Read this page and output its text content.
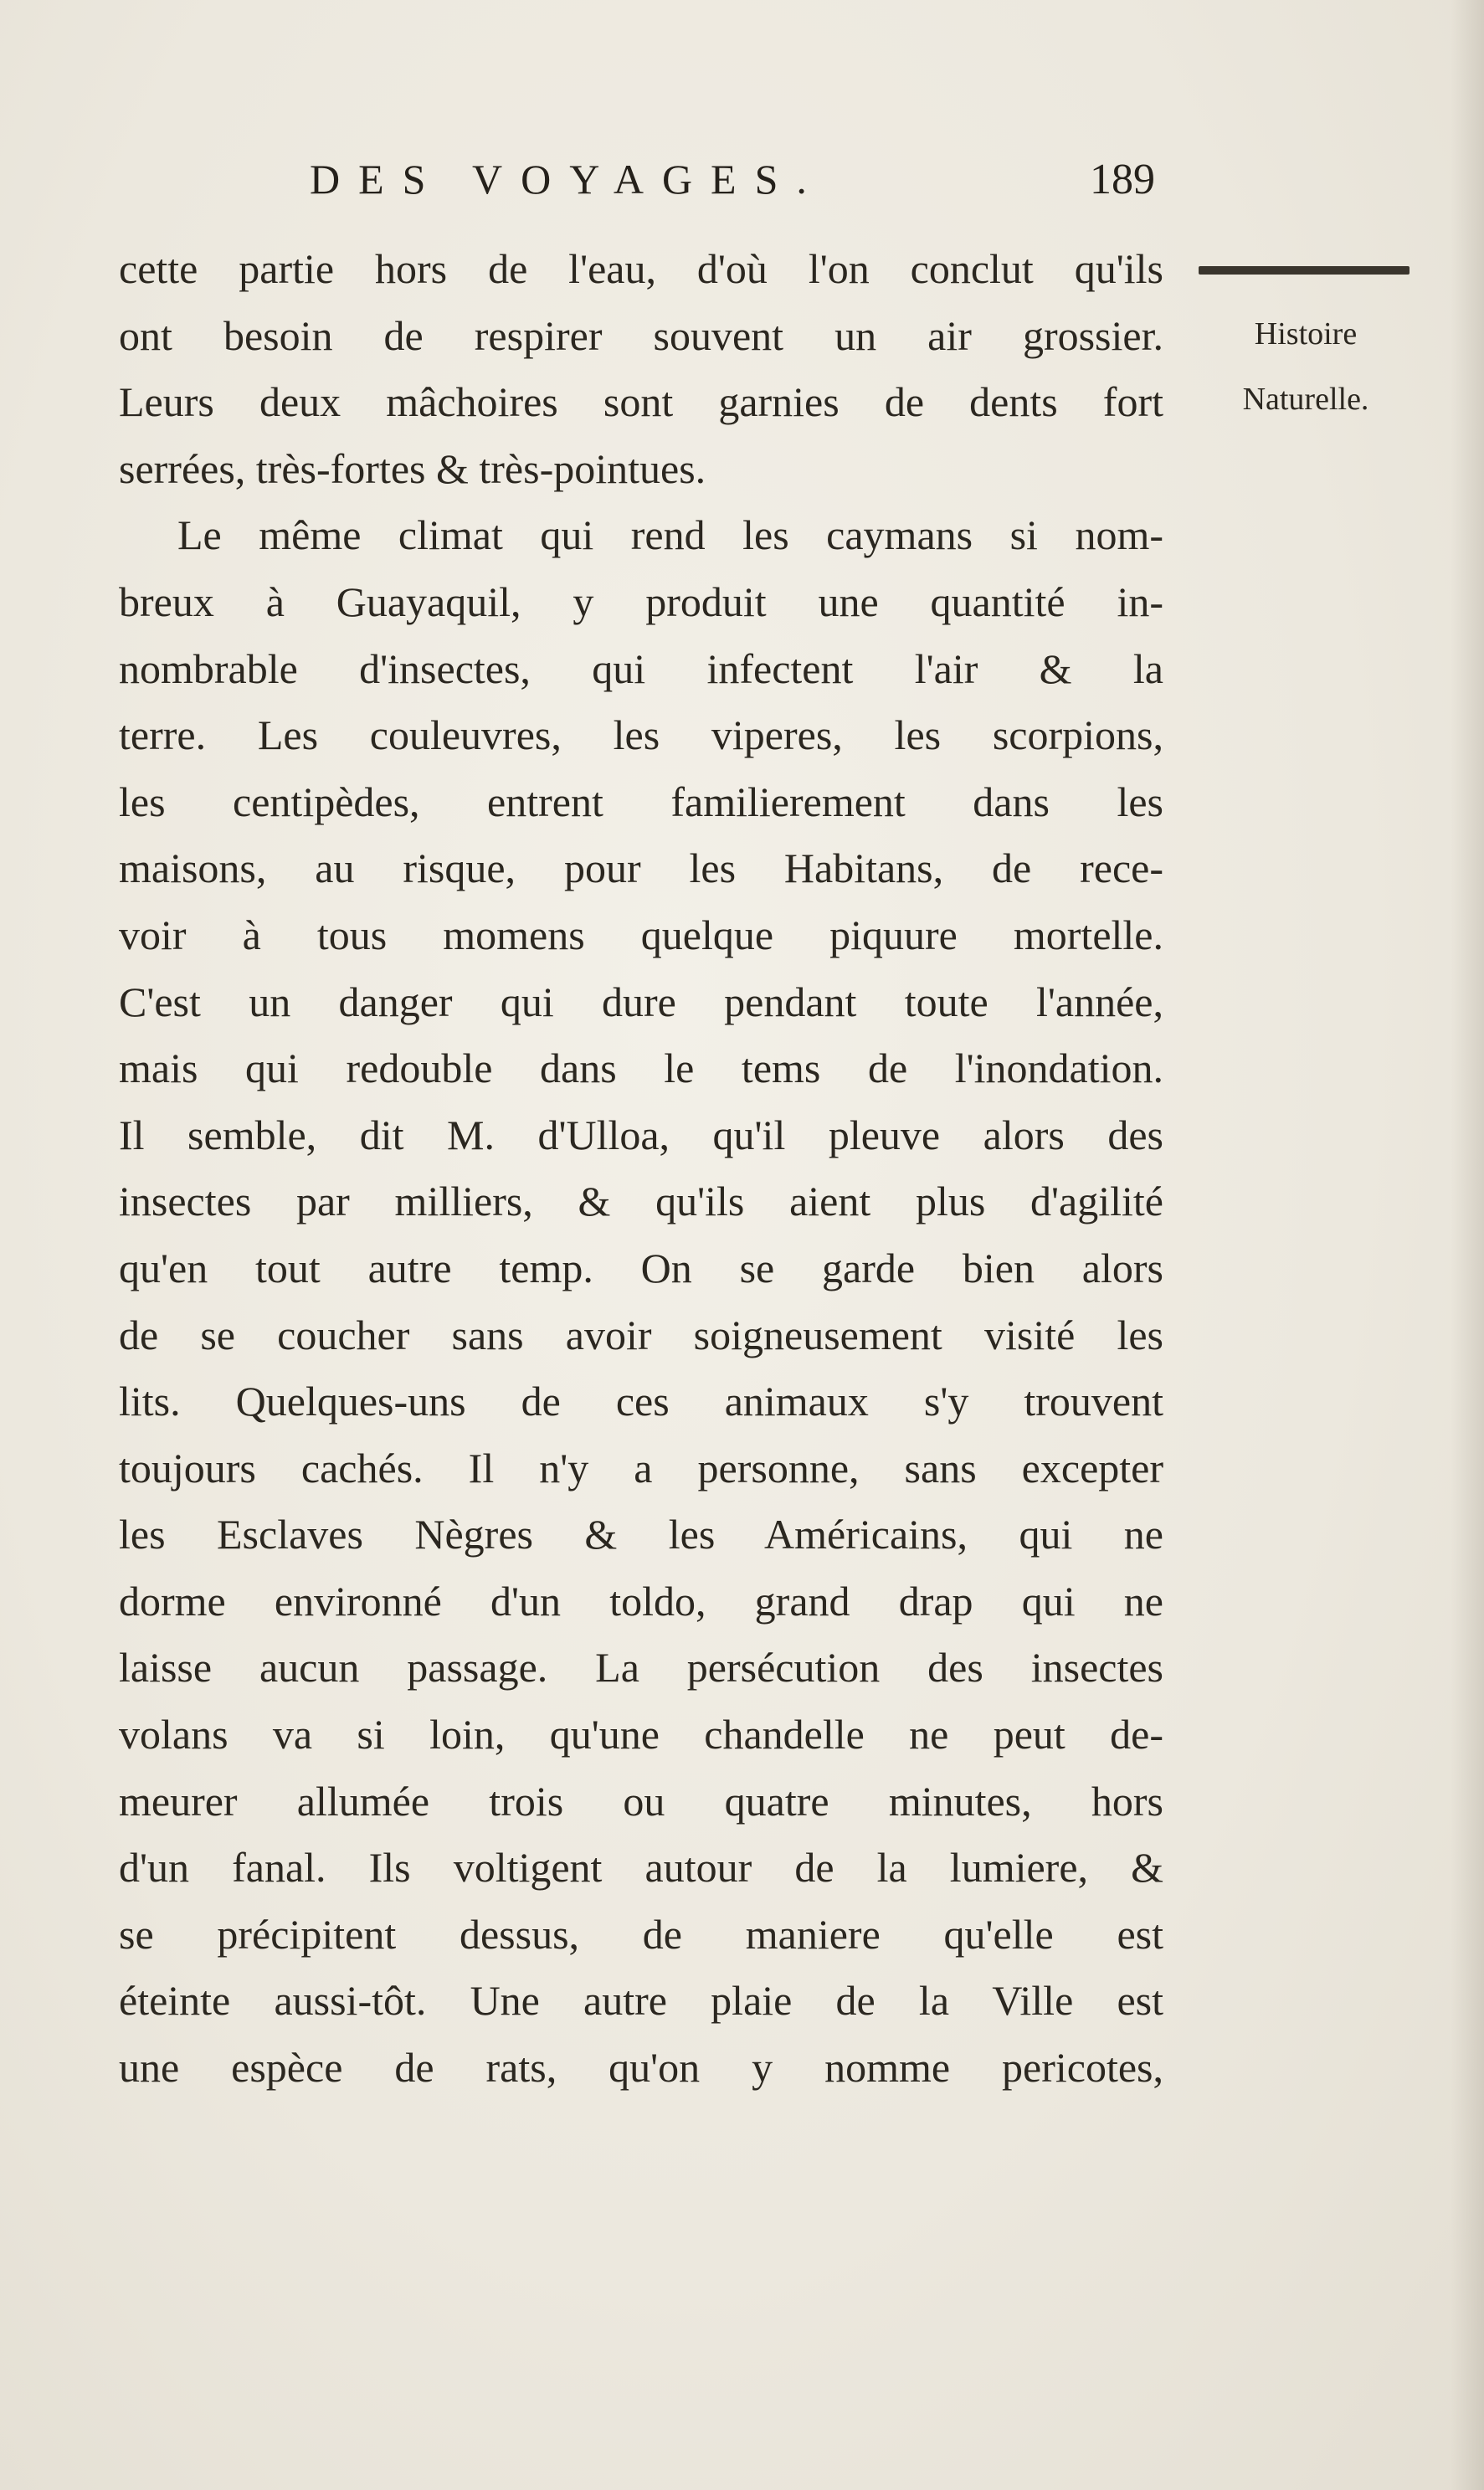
DES VOYAGES.	189
Histoire
Naturelle.
cette partie hors de l'eau, d'où l'on conclut qu'ils
ont besoin de respirer souvent un air grossier.
Leurs deux mâchoires sont garnies de dents fort
serrées, très-fortes & très-pointues.
Le même climat qui rend les caymans si nom-
breux à Guayaquil, y produit une quantité in-
nombrable d'insectes, qui infectent l'air & la
terre. Les couleuvres, les viperes, les scorpions,
les centipèdes, entrent familierement dans les
maisons, au risque, pour les Habitans, de rece-
voir à tous momens quelque piquure mortelle.
C'est un danger qui dure pendant toute l'année,
mais qui redouble dans le tems de l'inondation.
Il semble, dit M. d'Ulloa, qu'il pleuve alors des
insectes par milliers, & qu'ils aient plus d'agilité
qu'en tout autre temp. On se garde bien alors
de se coucher sans avoir soigneusement visité les
lits. Quelques-uns de ces animaux s'y trouvent
toujours cachés. Il n'y a personne, sans excepter
les Esclaves Nègres & les Américains, qui ne
dorme environné d'un toldo, grand drap qui ne
laisse aucun passage. La persécution des insectes
volans va si loin, qu'une chandelle ne peut de-
meurer allumée trois ou quatre minutes, hors
d'un fanal. Ils voltigent autour de la lumiere, &
se précipitent dessus, de maniere qu'elle est
éteinte aussi-tôt. Une autre plaie de la Ville est
une espèce de rats, qu'on y nomme pericotes,
